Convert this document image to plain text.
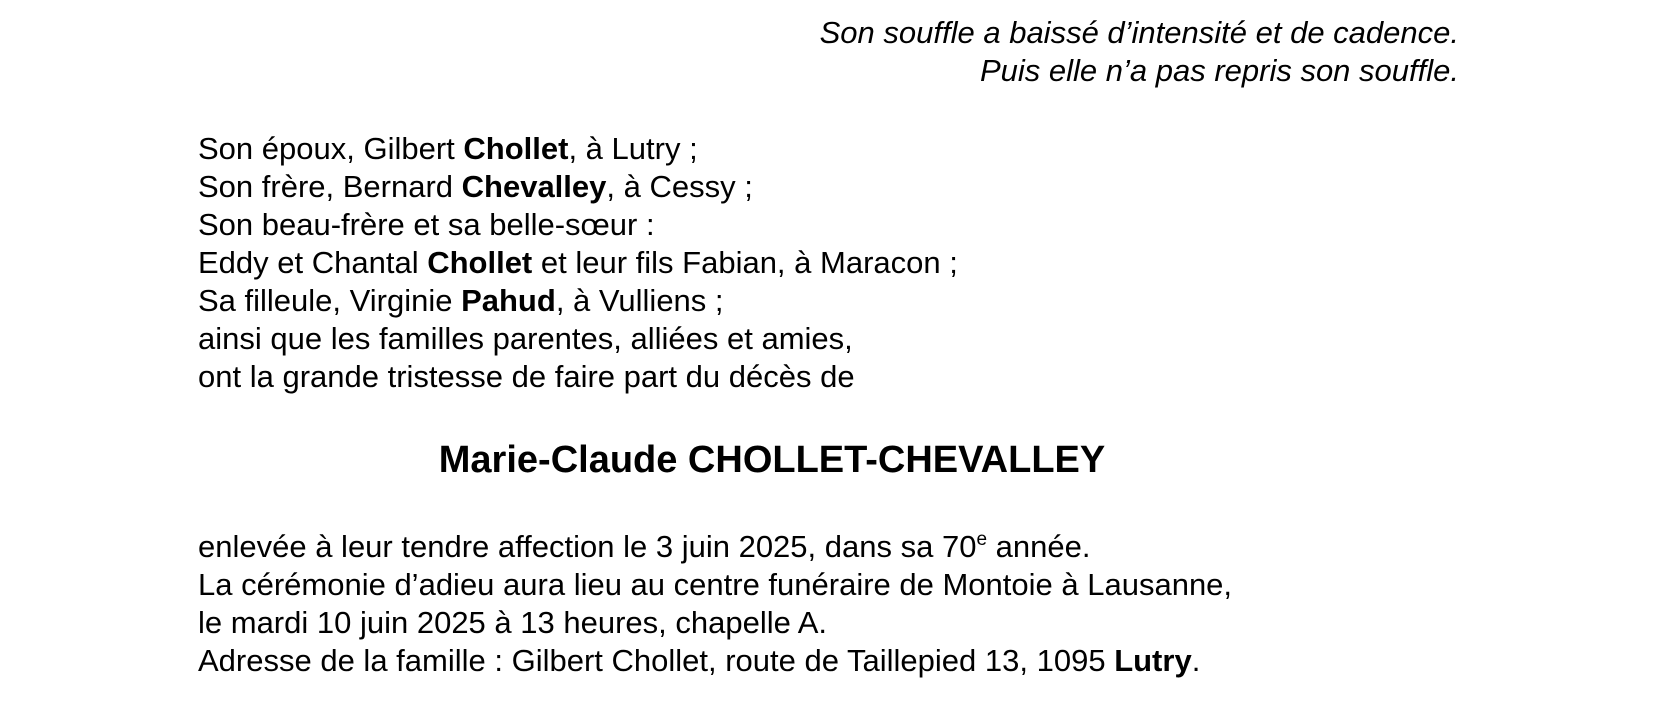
Son souffle a baissé d’intensité et de cadence.
Puis elle n’a pas repris son souffle.
Son époux, Gilbert Chollet, à Lutry ;
Son frère, Bernard Chevalley, à Cessy ;
Son beau-frère et sa belle-sœur :
Eddy et Chantal Chollet et leur fils Fabian, à Maracon ;
Sa filleule, Virginie Pahud, à Vulliens ;
ainsi que les familles parentes, alliées et amies,
ont la grande tristesse de faire part du décès de
Marie-Claude CHOLLET-CHEVALLEY
enlevée à leur tendre affection le 3 juin 2025, dans sa 70e année.
La cérémonie d’adieu aura lieu au centre funéraire de Montoie à Lausanne,
le mardi 10 juin 2025 à 13 heures, chapelle A.
Adresse de la famille : Gilbert Chollet, route de Taillepied 13, 1095 Lutry.
